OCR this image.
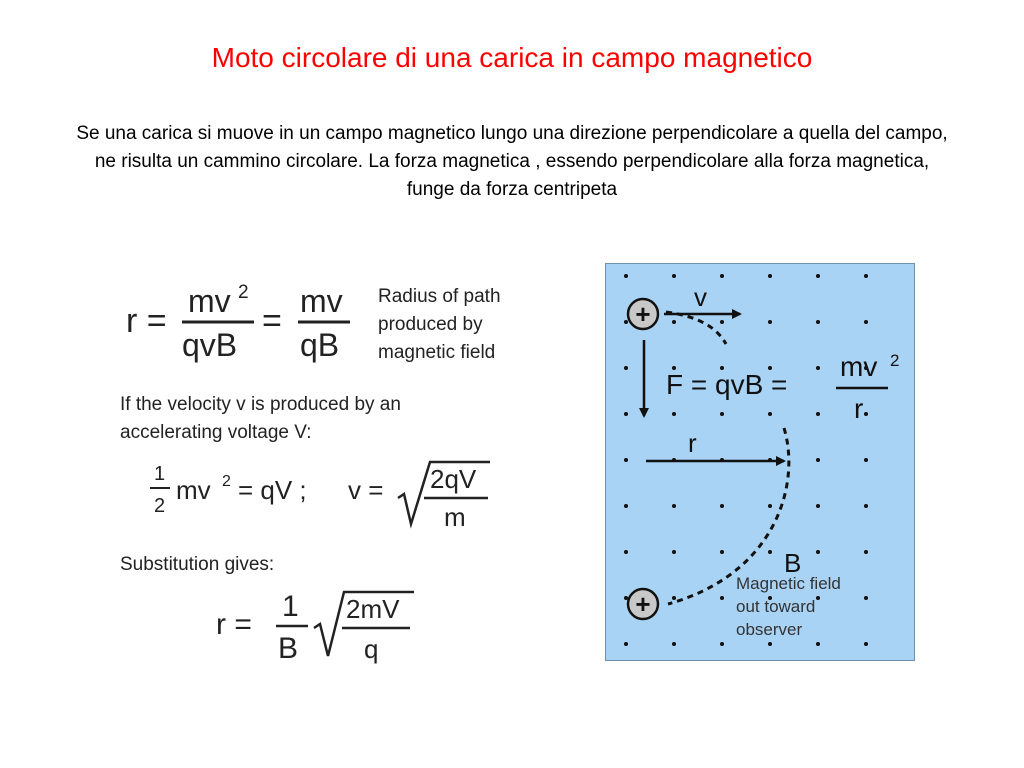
Moto circolare di una carica in campo magnetico
Se una carica si muove in un campo magnetico lungo una direzione perpendicolare a quella del campo, ne risulta un cammino circolare. La forza magnetica , essendo perpendicolare alla forza magnetica, funge da forza centripeta
r =
mv 2
qvB
=
mv
qB
Radius of path
produced by
magnetic field
If the velocity v is produced by an
accelerating voltage V:
1
2
mv 2 = qV ; v = 2qV
m
Substitution gives:
r =
1
B
2mV
q
v
F = qvB =
mv 2
r
r
B
Magnetic field
out toward
observer
+
+
